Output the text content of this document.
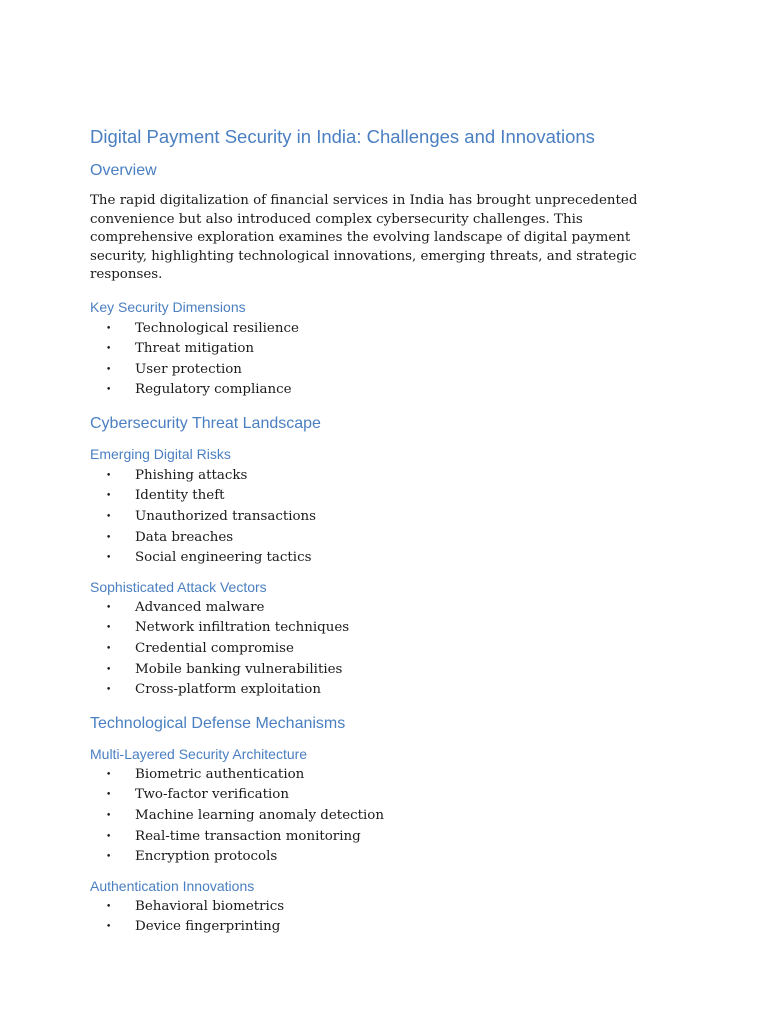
Digital Payment Security in India: Challenges and Innovations
Overview

The rapid digitalization of financial services in India has brought unprecedented convenience but also introduced complex cybersecurity challenges. This comprehensive exploration examines the evolving landscape of digital payment security, highlighting technological innovations, emerging threats, and strategic responses.

Key Security Dimensions
• Technological resilience
• Threat mitigation
• User protection
• Regulatory compliance
Cybersecurity Threat Landscape
Emerging Digital Risks
• Phishing attacks
• Identity theft
• Unauthorized transactions
• Data breaches
• Social engineering tactics
Sophisticated Attack Vectors
• Advanced malware
• Network infiltration techniques
• Credential compromise
• Mobile banking vulnerabilities
• Cross-platform exploitation
Technological Defense Mechanisms
Multi-Layered Security Architecture
• Biometric authentication
• Two-factor verification
• Machine learning anomaly detection
• Real-time transaction monitoring
• Encryption protocols
Authentication Innovations
• Behavioral biometrics
• Device fingerprinting
